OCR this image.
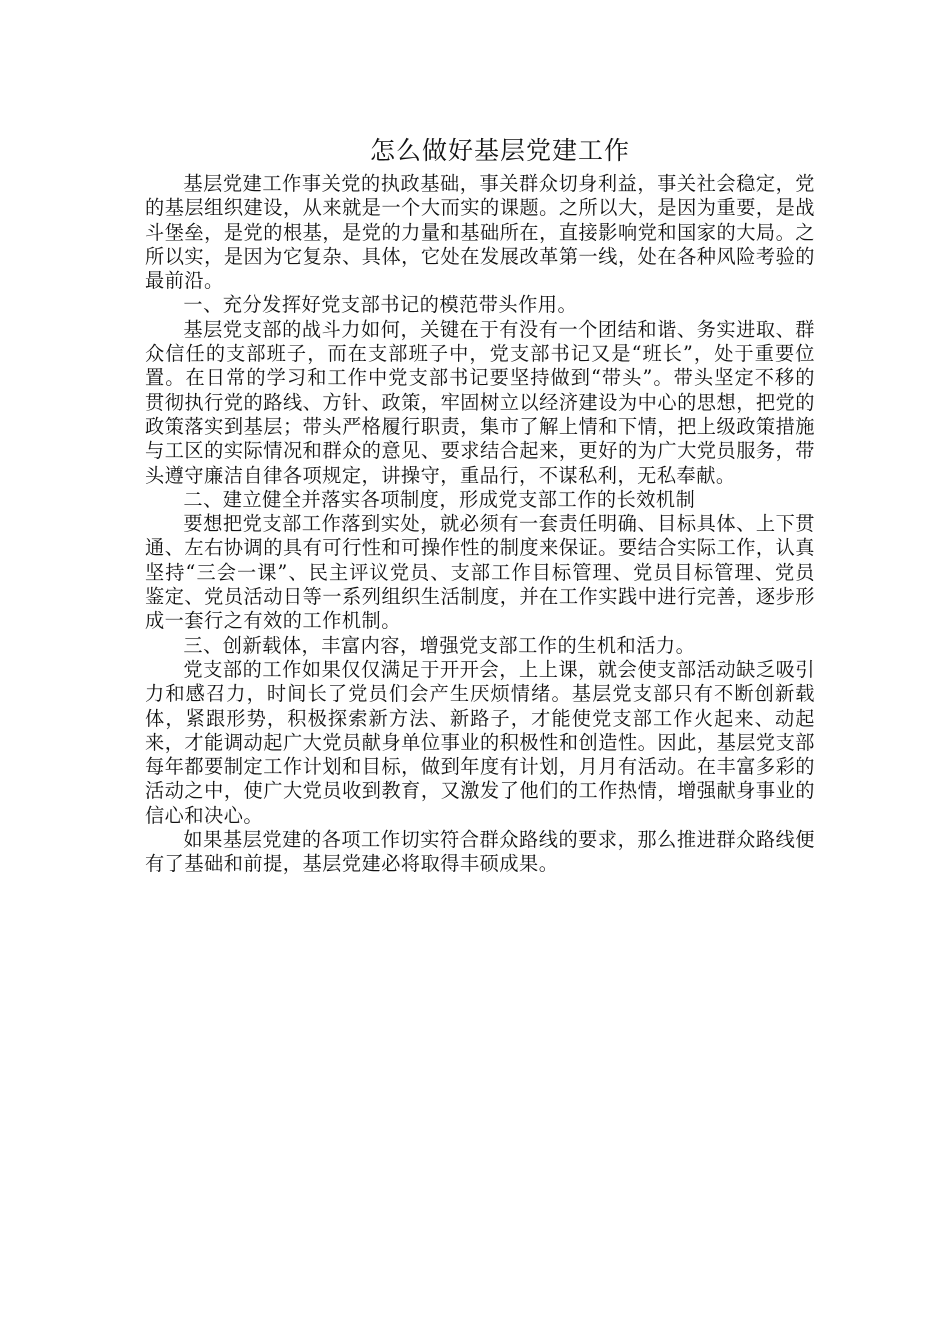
怎么做好基层党建工作

基层党建工作事关党的执政基础，事关群众切身利益，事关社会稳定，党的基层组织建设，从来就是一个大而实的课题。之所以大，是因为重要，是战斗堡垒，是党的根基，是党的力量和基础所在，直接影响党和国家的大局。之所以实，是因为它复杂、具体，它处在发展改革第一线，处在各种风险考验的最前沿。

一、充分发挥好党支部书记的模范带头作用。

基层党支部的战斗力如何，关键在于有没有一个团结和谐、务实进取、群众信任的支部班子，而在支部班子中，党支部书记又是“班长”，处于重要位置。在日常的学习和工作中党支部书记要坚持做到“带头”。带头坚定不移的贯彻执行党的路线、方针、政策，牢固树立以经济建设为中心的思想，把党的政策落实到基层；带头严格履行职责，集市了解上情和下情，把上级政策措施与工区的实际情况和群众的意见、要求结合起来，更好的为广大党员服务，带头遵守廉洁自律各项规定，讲操守，重品行，不谋私利，无私奉献。

二、建立健全并落实各项制度，形成党支部工作的长效机制

要想把党支部工作落到实处，就必须有一套责任明确、目标具体、上下贯通、左右协调的具有可行性和可操作性的制度来保证。要结合实际工作，认真坚持“三会一课”、民主评议党员、支部工作目标管理、党员目标管理、党员鉴定、党员活动日等一系列组织生活制度，并在工作实践中进行完善，逐步形成一套行之有效的工作机制。

三、创新载体，丰富内容，增强党支部工作的生机和活力。

党支部的工作如果仅仅满足于开开会，上上课，就会使支部活动缺乏吸引力和感召力，时间长了党员们会产生厌烦情绪。基层党支部只有不断创新载体，紧跟形势，积极探索新方法、新路子，才能使党支部工作火起来、动起来，才能调动起广大党员献身单位事业的积极性和创造性。因此，基层党支部每年都要制定工作计划和目标，做到年度有计划，月月有活动。在丰富多彩的活动之中，使广大党员收到教育，又激发了他们的工作热情，增强献身事业的信心和决心。

如果基层党建的各项工作切实符合群众路线的要求，那么推进群众路线便有了基础和前提，基层党建必将取得丰硕成果。
